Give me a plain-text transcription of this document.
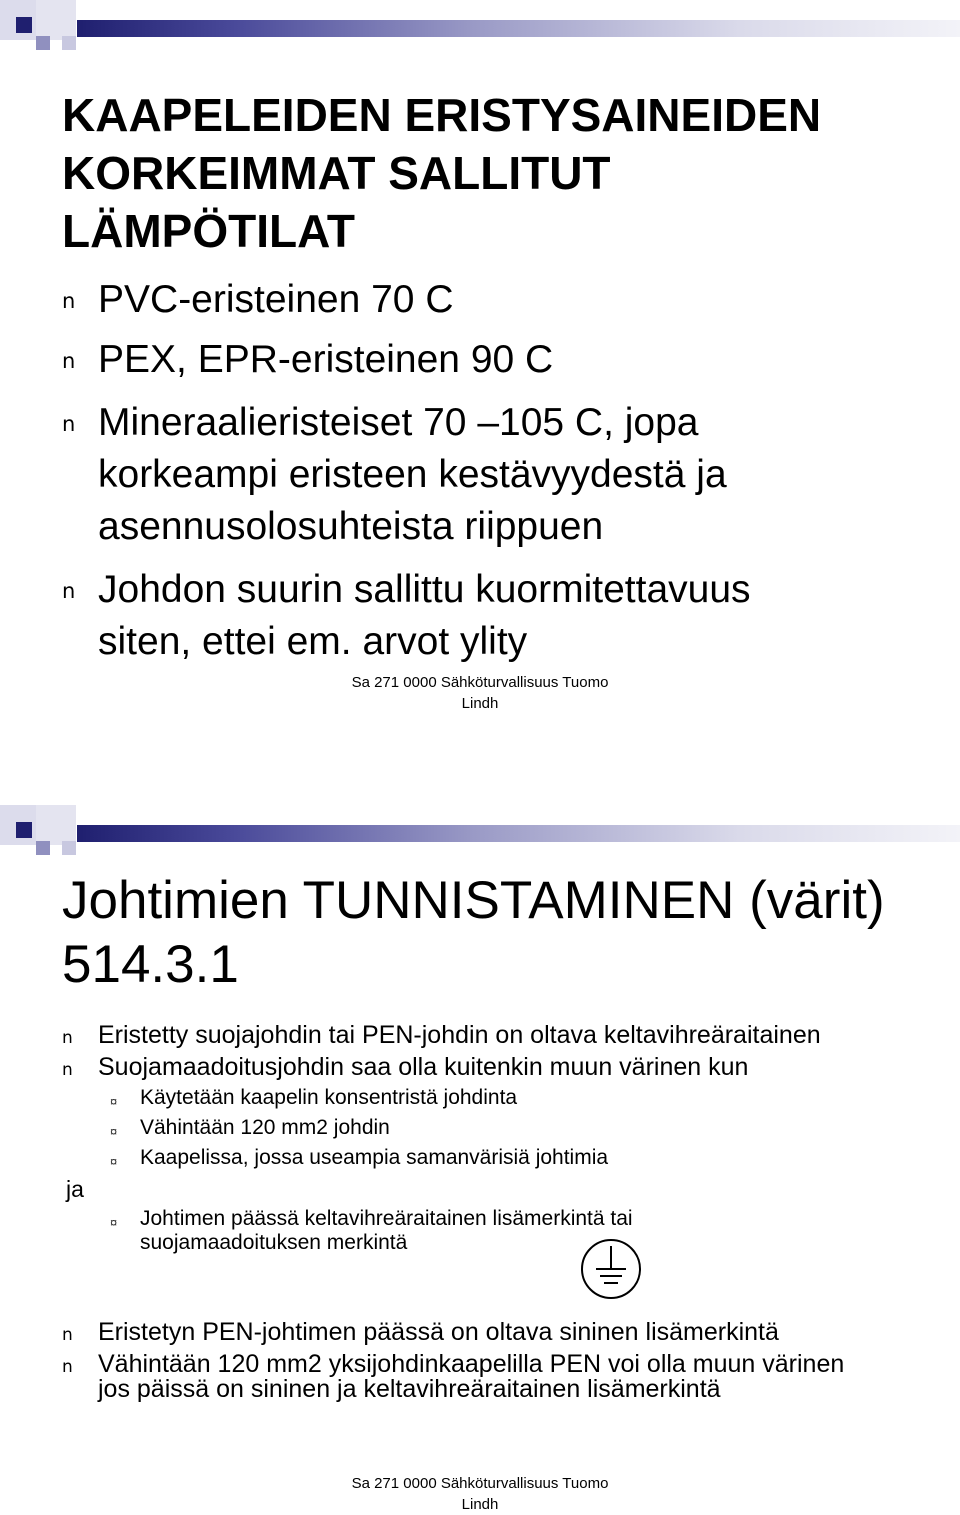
KAAPELEIDEN ERISTYSAINEIDEN
KORKEIMMAT SALLITUT
LÄMPÖTILAT
n PVC-eristeinen 70 C
n PEX, EPR-eristeinen 90 C
n Mineraalieristeiset 70 –105 C, jopa
korkeampi eristeen kestävyydestä ja
asennusolosuhteista riippuen
n Johdon suurin sallittu kuormitettavuus
siten, ettei em. arvot ylity
Sa 271 0000 Sähköturvallisuus Tuomo
Lindh
Johtimien TUNNISTAMINEN (värit)
514.3.1
n Eristetty suojajohdin tai PEN-johdin on oltava keltavihreäraitainen
n Suojamaadoitusjohdin saa olla kuitenkin muun värinen kun
¤ Käytetään kaapelin konsentristä johdinta
¤ Vähintään 120 mm2 johdin
¤ Kaapelissa, jossa useampia samanvärisiä johtimia
ja
¤ Johtimen päässä keltavihreäraitainen lisämerkintä tai
suojamaadoituksen merkintä
n Eristetyn PEN-johtimen päässä on oltava sininen lisämerkintä
n Vähintään 120 mm2 yksijohdinkaapelilla PEN voi olla muun värinen
jos päissä on sininen ja keltavihreäraitainen lisämerkintä
Sa 271 0000 Sähköturvallisuus Tuomo
Lindh
